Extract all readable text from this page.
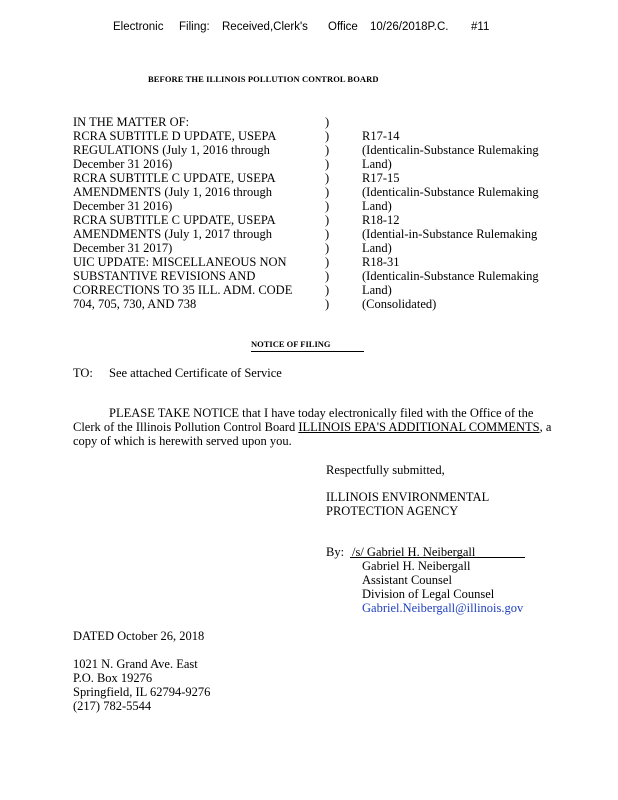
Electronic Filing: Received,Clerk's Office 10/26/2018P.C. #11
BEFORE THE ILLINOIS POLLUTION CONTROL BOARD
IN THE MATTER OF:	)
RCRA SUBTITLE D UPDATE, USEPA	)	R17-14
REGULATIONS (July 1, 2016 through	)	(Identicalin-Substance Rulemaking
December 31 2016)	)	Land)
RCRA SUBTITLE C UPDATE, USEPA	)	R17-15
AMENDMENTS (July 1, 2016 through	)	(Identicalin-Substance Rulemaking
December 31 2016)	)	Land)
RCRA SUBTITLE C UPDATE, USEPA	)	R18-12
AMENDMENTS (July 1, 2017 through	)	(Idential-in-Substance Rulemaking
December 31 2017)	)	Land)
UIC UPDATE: MISCELLANEOUS NON	)	R18-31
SUBSTANTIVE REVISIONS AND	)	(Identicalin-Substance Rulemaking
CORRECTIONS TO 35 ILL. ADM. CODE	)	Land)
704, 705, 730, AND 738	)	(Consolidated)
NOTICE OF FILING
TO: See attached Certificate of Service
PLEASE TAKE NOTICE that I have today electronically filed with the Office of the
Clerk of the Illinois Pollution Control Board ILLINOIS EPA'S ADDITIONAL COMMENTS, a
copy of which is herewith served upon you.
Respectfully submitted,
ILLINOIS ENVIRONMENTAL
PROTECTION AGENCY
By: /s/ Gabriel H. Neibergall
Gabriel H. Neibergall
Assistant Counsel
Division of Legal Counsel
Gabriel.Neibergall@illinois.gov
DATED October 26, 2018
1021 N. Grand Ave. East
P.O. Box 19276
Springfield, IL 62794-9276
(217) 782-5544
